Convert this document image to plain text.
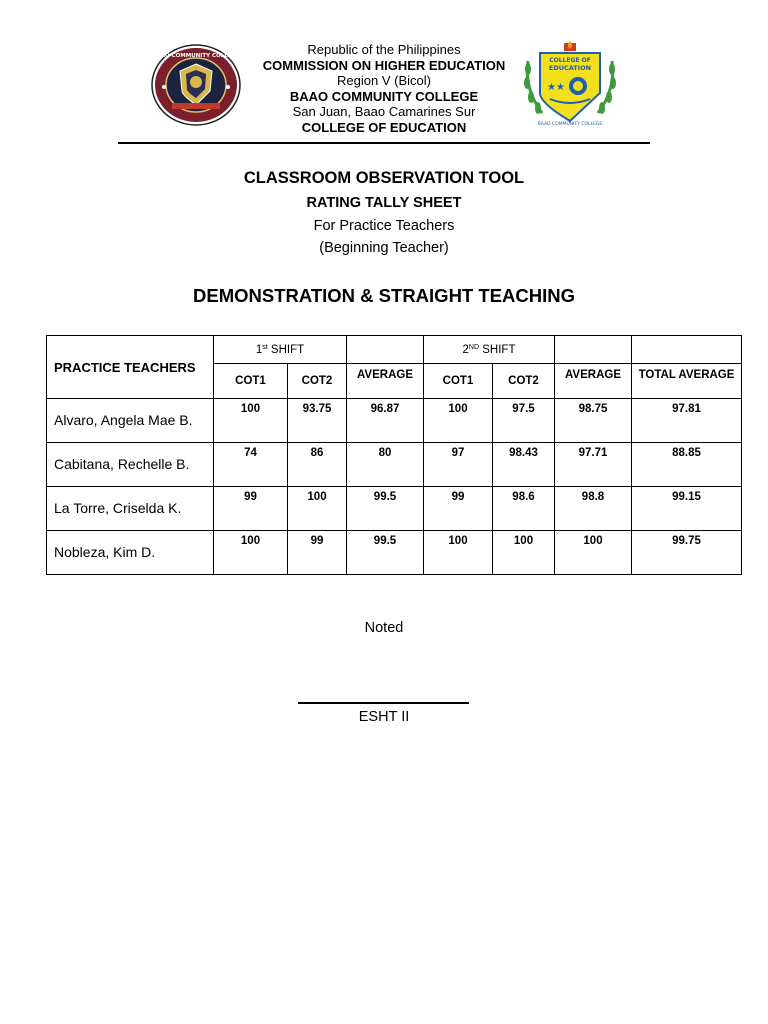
BAAO COMMUNITY COLLEGE
COLLEGE OF
EDUCATION
★★
BAAO COMMUNITY COLLEGE
Republic of the Philippines
COMMISSION ON HIGHER EDUCATION
Region V (Bicol)
BAAO COMMUNITY COLLEGE
San Juan, Baao Camarines Sur
COLLEGE OF EDUCATION
CLASSROOM OBSERVATION TOOL
RATING TALLY SHEET
For Practice Teachers
(Beginning Teacher)
DEMONSTRATION & STRAIGHT TEACHING
PRACTICE TEACHERS	1st SHIFT			2ND SHIFT			
	COT1	COT2	AVERAGE	COT1	COT2	AVERAGE	TOTAL AVERAGE
Alvaro, Angela Mae B.	100	93.75	96.87	100	97.5	98.75	97.81

Cabitana, Rechelle B.	74	86	80	97	98.43	97.71	88.85

La Torre, Criselda K.	99	100	99.5	99	98.6	98.8	99.15

Nobleza, Kim D.	100	99	99.5	100	100	100	99.75
Noted
ESHT II
